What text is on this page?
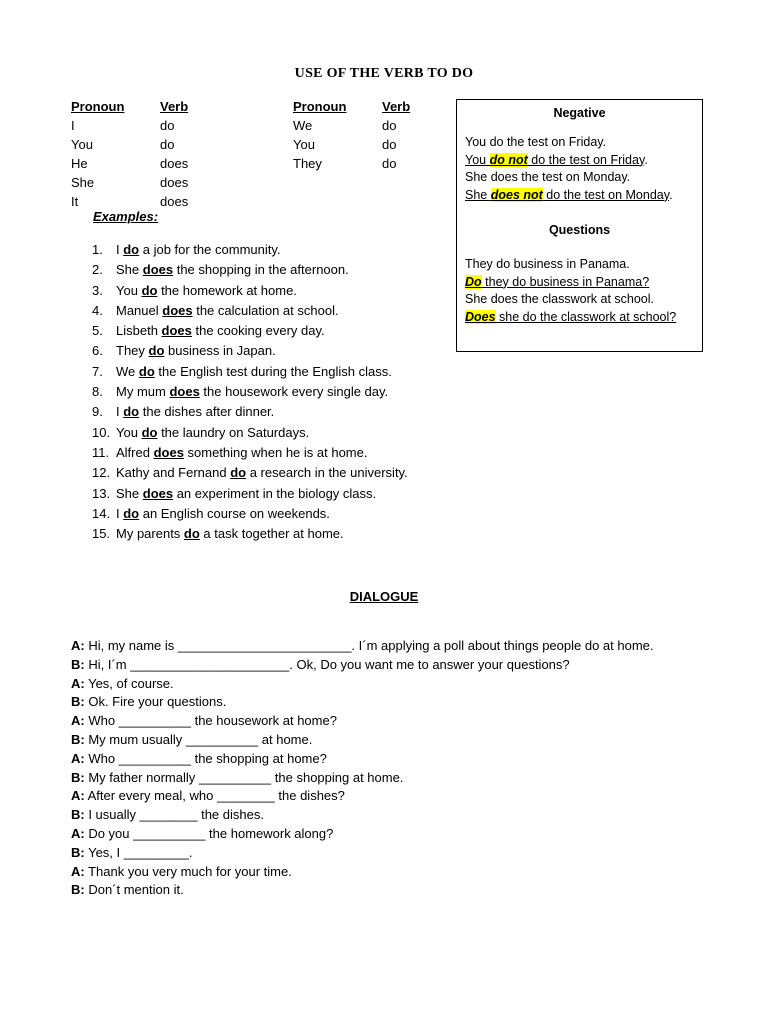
USE OF THE VERB TO DO
Pronoun
I
You
He
She
It
Verb
do
do
does
does
does
Pronoun
We
You
They
Verb
do
do
do
Examples:
1. I do a job for the community.
2. She does the shopping in the afternoon.
3. You do the homework at home.
4. Manuel does the calculation at school.
5. Lisbeth does the cooking every day.
6. They do business in Japan.
7. We do the English test during the English class.
8. My mum does the housework every single day.
9. I do the dishes after dinner.
10. You do the laundry on Saturdays.
11. Alfred does something when he is at home.
12. Kathy and Fernand do a research in the university.
13. She does an experiment in the biology class.
14. I do an English course on weekends.
15. My parents do a task together at home.
Negative
You do the test on Friday.
You do not do the test on Friday.
She does the test on Monday.
She does not do the test on Monday.
Questions
They do business in Panama.
Do they do business in Panama?
She does the classwork at school.
Does she do the classwork at school?
DIALOGUE
A: Hi, my name is ________________________. I´m applying a poll about things people do at home.
B: Hi, I´m ______________________. Ok, Do you want me to answer your questions?
A: Yes, of course.
B: Ok. Fire your questions.
A: Who __________ the housework at home?
B: My mum usually __________ at home.
A: Who __________ the shopping at home?
B: My father normally __________ the shopping at home.
A: After every meal, who ________ the dishes?
B: I usually ________ the dishes.
A: Do you __________ the homework along?
B: Yes, I _________.
A: Thank you very much for your time.
B: Don´t mention it.
